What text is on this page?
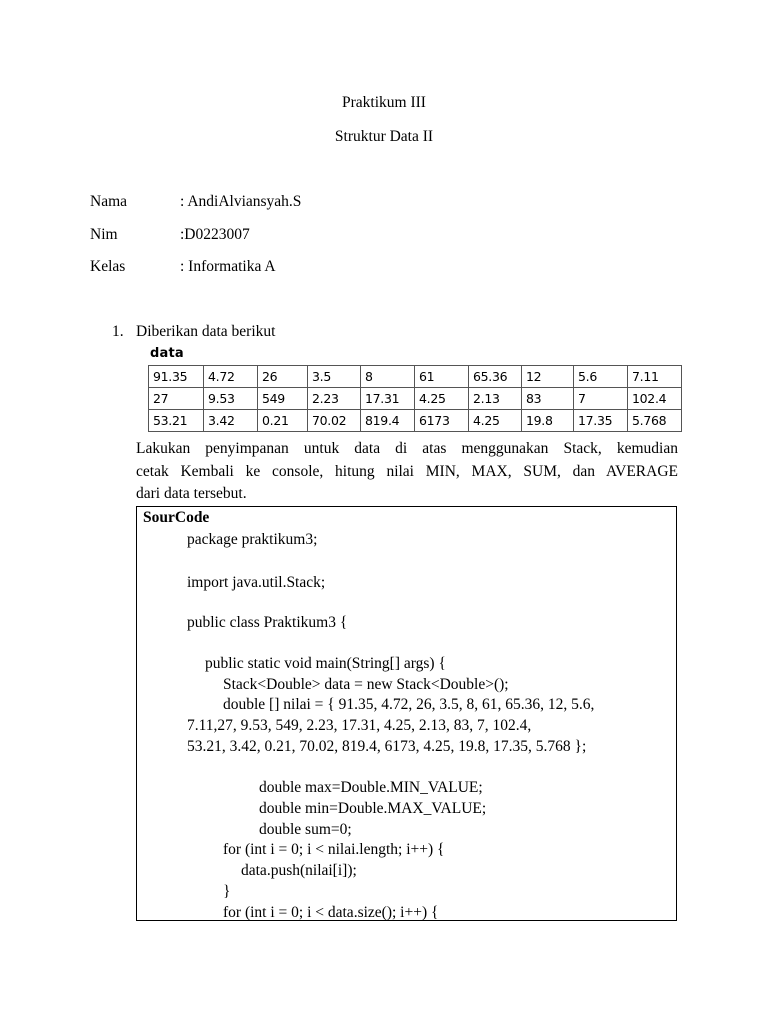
Praktikum III
Struktur Data II
Nama	: AndiAlviansyah.S
Nim	:D0223007
Kelas	: Informatika A
1. Diberikan data berikut
data
91.35	4.72	26	3.5	8	61	65.36	12	5.6	7.11
27	9.53	549	2.23	17.31	4.25	2.13	83	7	102.4
53.21	3.42	0.21	70.02	819.4	6173	4.25	19.8	17.35	5.768
Lakukan penyimpanan untuk data di atas menggunakan Stack, kemudian
cetak Kembali ke console, hitung nilai MIN, MAX, SUM, dan AVERAGE
dari data tersebut.
SourCode
package praktikum3;
import java.util.Stack;
public class Praktikum3 {
public static void main(String[] args) {
Stack<Double> data = new Stack<Double>();
double [] nilai = { 91.35, 4.72, 26, 3.5, 8, 61, 65.36, 12, 5.6,
7.11,27, 9.53, 549, 2.23, 17.31, 4.25, 2.13, 83, 7, 102.4,
53.21, 3.42, 0.21, 70.02, 819.4, 6173, 4.25, 19.8, 17.35, 5.768 };
double max=Double.MIN_VALUE;
double min=Double.MAX_VALUE;
double sum=0;
for (int i = 0; i < nilai.length; i++) {
data.push(nilai[i]);
}
for (int i = 0; i < data.size(); i++) {
